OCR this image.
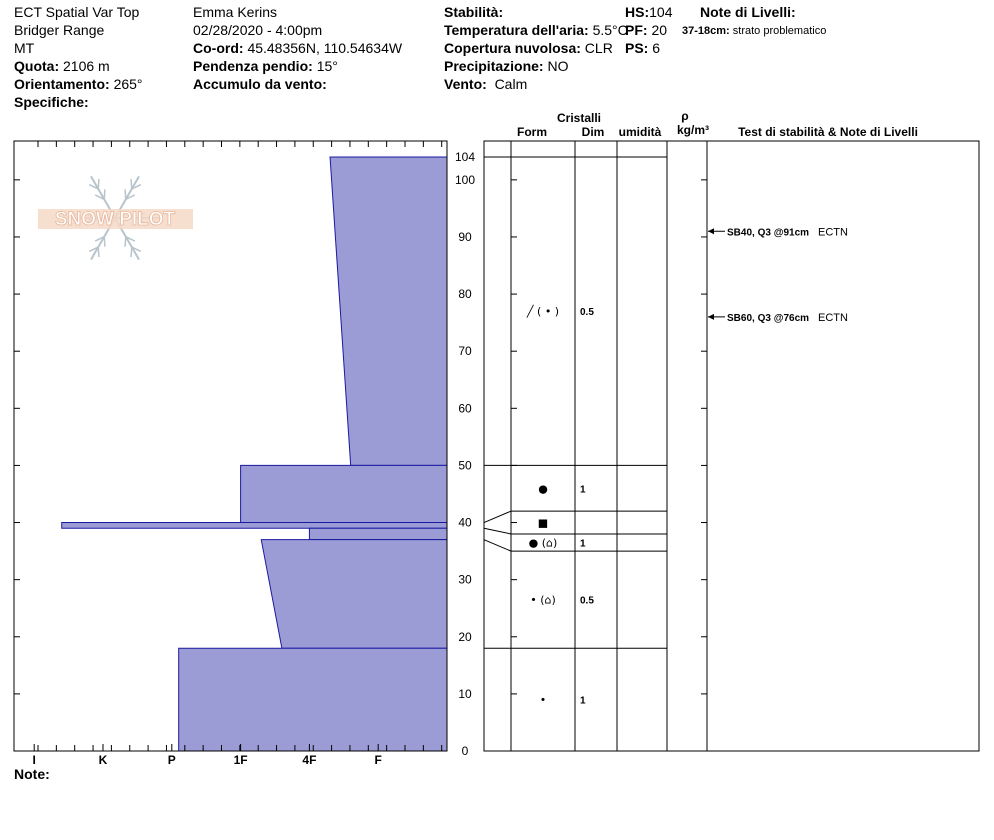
ECT Spatial Var Top
Bridger Range
MT
Quota: 2106 m
Orientamento: 265°
Specifiche:
Emma Kerins
02/28/2020 - 4:00pm
Co-ord: 45.48356N, 110.54634W
Pendenza pendio: 15°
Accumulo da vento:
Stabilità:
Temperatura dell'aria: 5.5°C
Copertura nuvolosa: CLR
Precipitazione: NO
Vento: Calm
HS:104
PF: 20
PS: 6
Note di Livelli:
37-18cm: strato problematico
Note:
SNOW PILOT
I	K	P	1F	4F	F
0
10
20
30
40
50
60
70
80
90
100
104
╱ ( • ) 0.5
●	1
■
● (⌂) 1
• (⌂) 0.5
•	1
Cristalli
Form	Dim umidità
ρ
kg/m³ Test di stabilità & Note di Livelli
SB40, Q3 @91cm ECTN
SB60, Q3 @76cm ECTN
